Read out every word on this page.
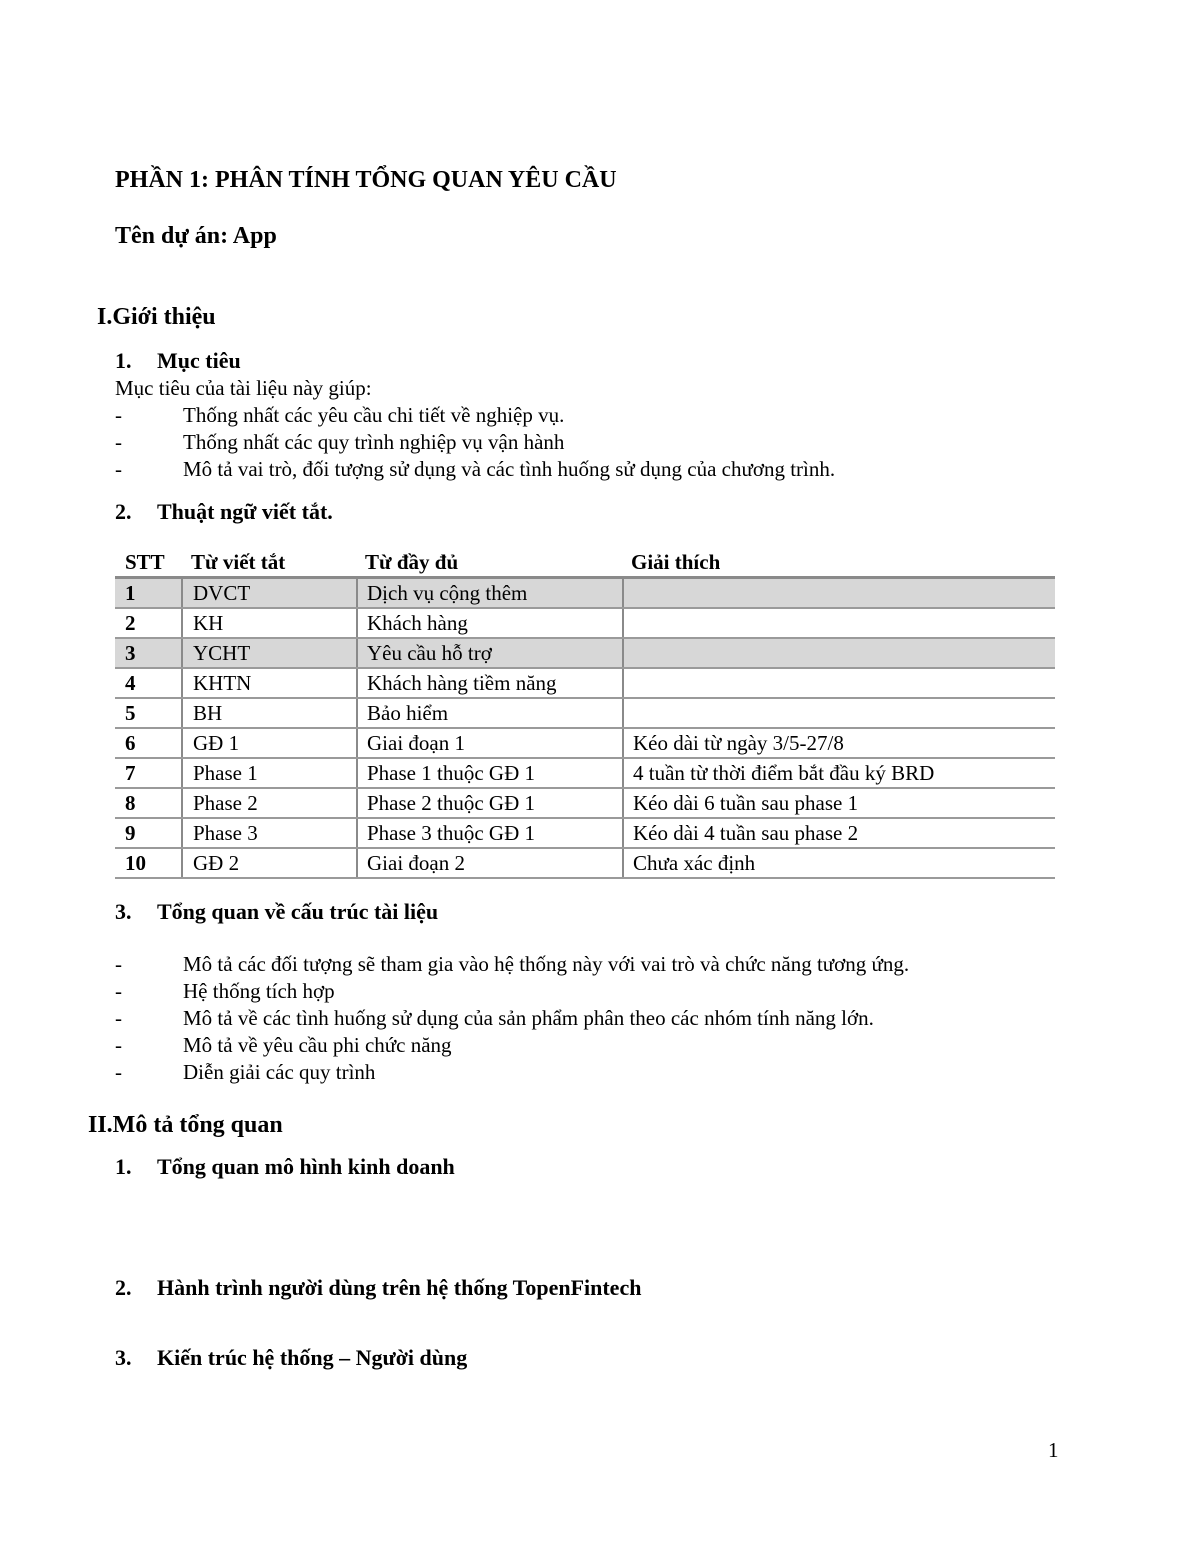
PHẦN 1: PHÂN TÍNH TỔNG QUAN YÊU CẦU
Tên dự án: App
I.Giới thiệu
1. Mục tiêu
Mục tiêu của tài liệu này giúp:
-	Thống nhất các yêu cầu chi tiết về nghiệp vụ.
-	Thống nhất các quy trình nghiệp vụ vận hành
-	Mô tả vai trò, đối tượng sử dụng và các tình huống sử dụng của chương trình.
2. Thuật ngữ viết tắt.
STT Từ viết tắt	Từ đầy đủ	Giải thích
1	DVCT	Dịch vụ cộng thêm
2	KH	Khách hàng
3	YCHT	Yêu cầu hỗ trợ
4	KHTN	Khách hàng tiềm năng
5	BH	Bảo hiểm
6	GĐ 1	Giai đoạn 1	Kéo dài từ ngày 3/5-27/8
7	Phase 1	Phase 1 thuộc GĐ 1	4 tuần từ thời điểm bắt đầu ký BRD
8	Phase 2	Phase 2 thuộc GĐ 1	Kéo dài 6 tuần sau phase 1
9	Phase 3	Phase 3 thuộc GĐ 1	Kéo dài 4 tuần sau phase 2
10	GĐ 2	Giai đoạn 2	Chưa xác định
3. Tổng quan về cấu trúc tài liệu
-	Mô tả các đối tượng sẽ tham gia vào hệ thống này với vai trò và chức năng tương ứng.
-	Hệ thống tích hợp
-	Mô tả về các tình huống sử dụng của sản phẩm phân theo các nhóm tính năng lớn.
-	Mô tả về yêu cầu phi chức năng
-	Diễn giải các quy trình
II.Mô tả tổng quan
1. Tổng quan mô hình kinh doanh
2. Hành trình người dùng trên hệ thống TopenFintech
3. Kiến trúc hệ thống – Người dùng
1
